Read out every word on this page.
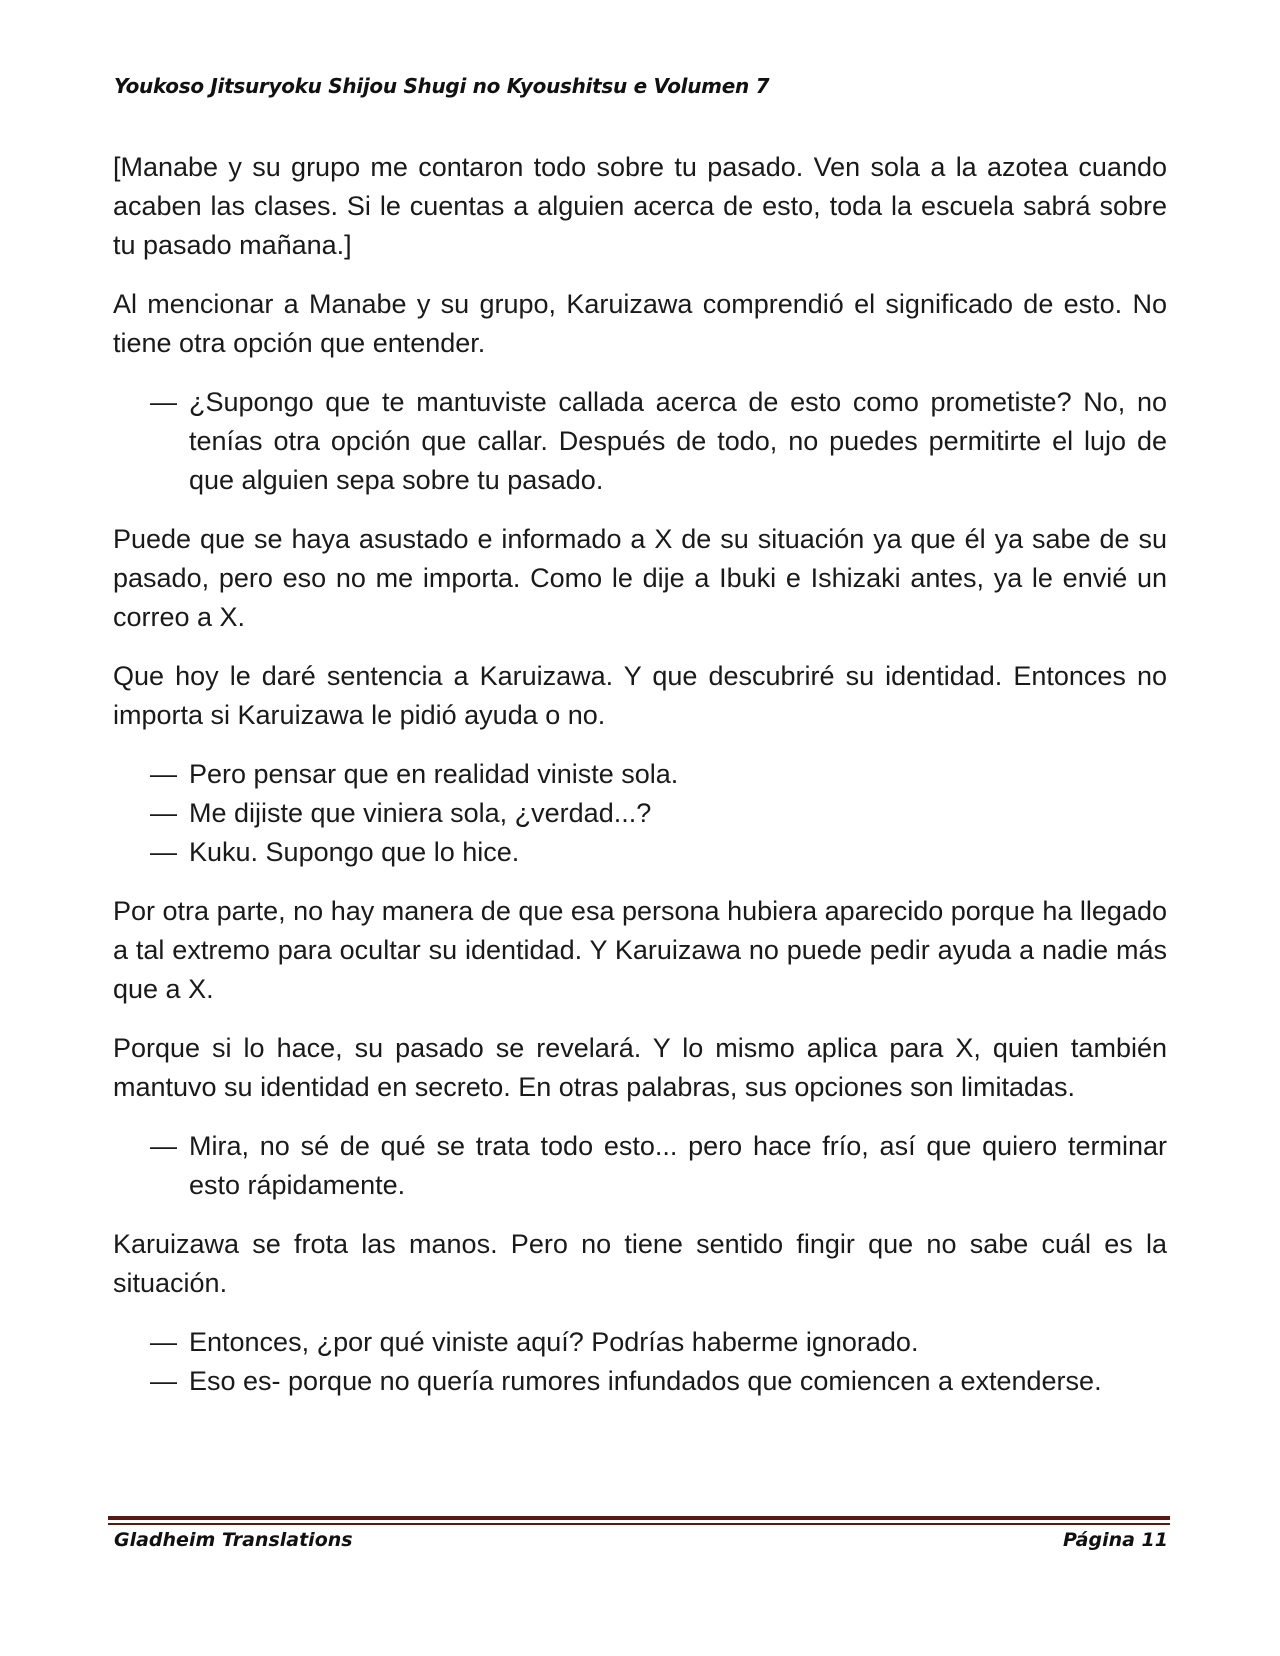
Youkoso Jitsuryoku Shijou Shugi no Kyoushitsu e Volumen 7

[Manabe y su grupo me contaron todo sobre tu pasado. Ven sola a la azotea cuando acaben las clases. Si le cuentas a alguien acerca de esto, toda la escuela sabrá sobre tu pasado mañana.]

Al mencionar a Manabe y su grupo, Karuizawa comprendió el significado de esto. No tiene otra opción que entender.

— ¿Supongo que te mantuviste callada acerca de esto como prometiste? No, no tenías otra opción que callar. Después de todo, no puedes permitirte el lujo de que alguien sepa sobre tu pasado.

Puede que se haya asustado e informado a X de su situación ya que él ya sabe de su pasado, pero eso no me importa. Como le dije a Ibuki e Ishizaki antes, ya le envié un correo a X.

Que hoy le daré sentencia a Karuizawa. Y que descubriré su identidad. Entonces no importa si Karuizawa le pidió ayuda o no.

— Pero pensar que en realidad viniste sola.
— Me dijiste que viniera sola, ¿verdad...?
— Kuku. Supongo que lo hice.

Por otra parte, no hay manera de que esa persona hubiera aparecido porque ha llegado a tal extremo para ocultar su identidad. Y Karuizawa no puede pedir ayuda a nadie más que a X.

Porque si lo hace, su pasado se revelará. Y lo mismo aplica para X, quien también mantuvo su identidad en secreto. En otras palabras, sus opciones son limitadas.

— Mira, no sé de qué se trata todo esto... pero hace frío, así que quiero terminar esto rápidamente.

Karuizawa se frota las manos. Pero no tiene sentido fingir que no sabe cuál es la situación.

— Entonces, ¿por qué viniste aquí? Podrías haberme ignorado.
— Eso es- porque no quería rumores infundados que comiencen a extenderse.
Gladheim Translations	Página 11
